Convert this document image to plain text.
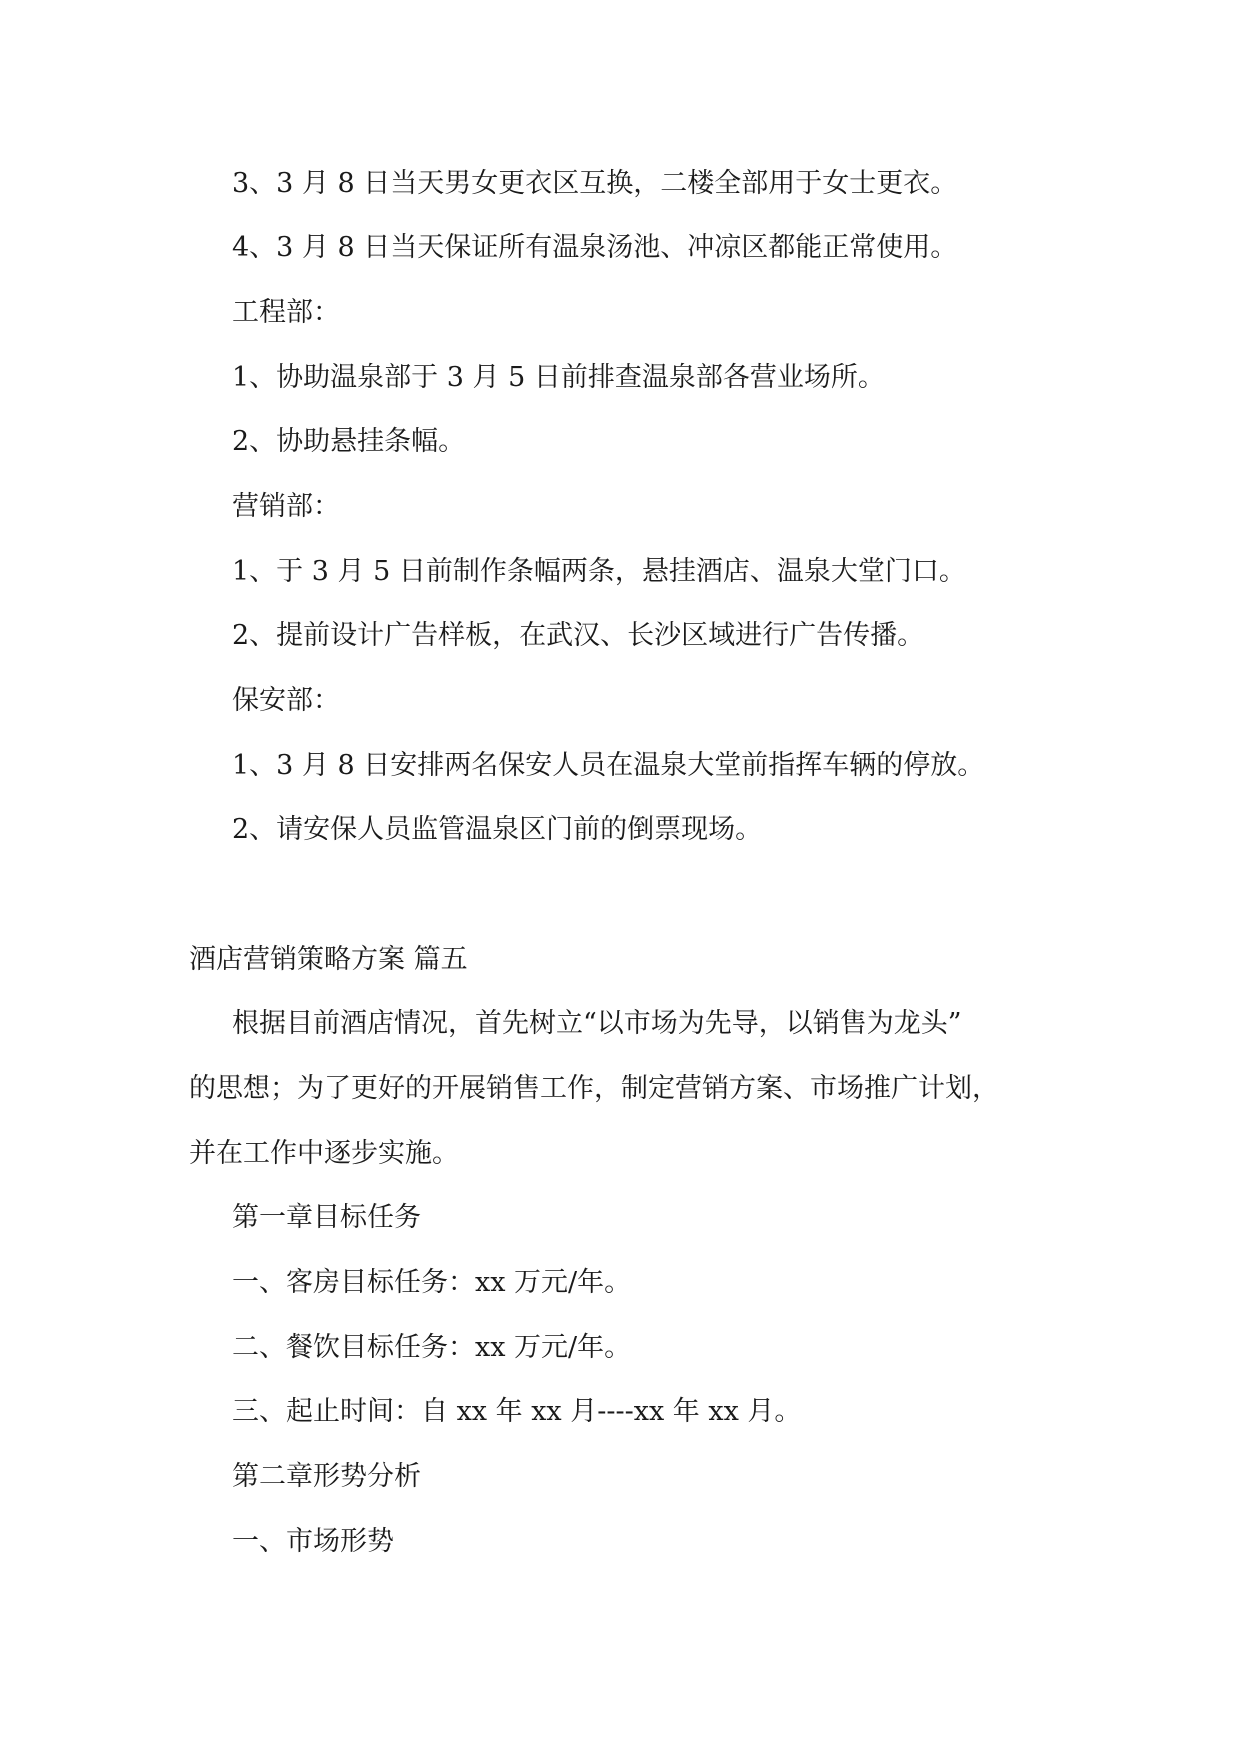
3、3 月 8 日当天男女更衣区互换，二楼全部用于女士更衣。

4、3 月 8 日当天保证所有温泉汤池、冲凉区都能正常使用。

工程部：

1、协助温泉部于 3 月 5 日前排查温泉部各营业场所。

2、协助悬挂条幅。

营销部：

1、于 3 月 5 日前制作条幅两条，悬挂酒店、温泉大堂门口。

2、提前设计广告样板，在武汉、长沙区域进行广告传播。

保安部：

1、3 月 8 日安排两名保安人员在温泉大堂前指挥车辆的停放。

2、请安保人员监管温泉区门前的倒票现场。

酒店营销策略方案 篇五

根据目前酒店情况，首先树立“以市场为先导，以销售为龙头”

的思想；为了更好的开展销售工作，制定营销方案、市场推广计划，

并在工作中逐步实施。

第一章目标任务

一、客房目标任务：xx 万元/年。

二、餐饮目标任务：xx 万元/年。

三、起止时间：自 xx 年 xx 月----xx 年 xx 月。

第二章形势分析

一、市场形势
